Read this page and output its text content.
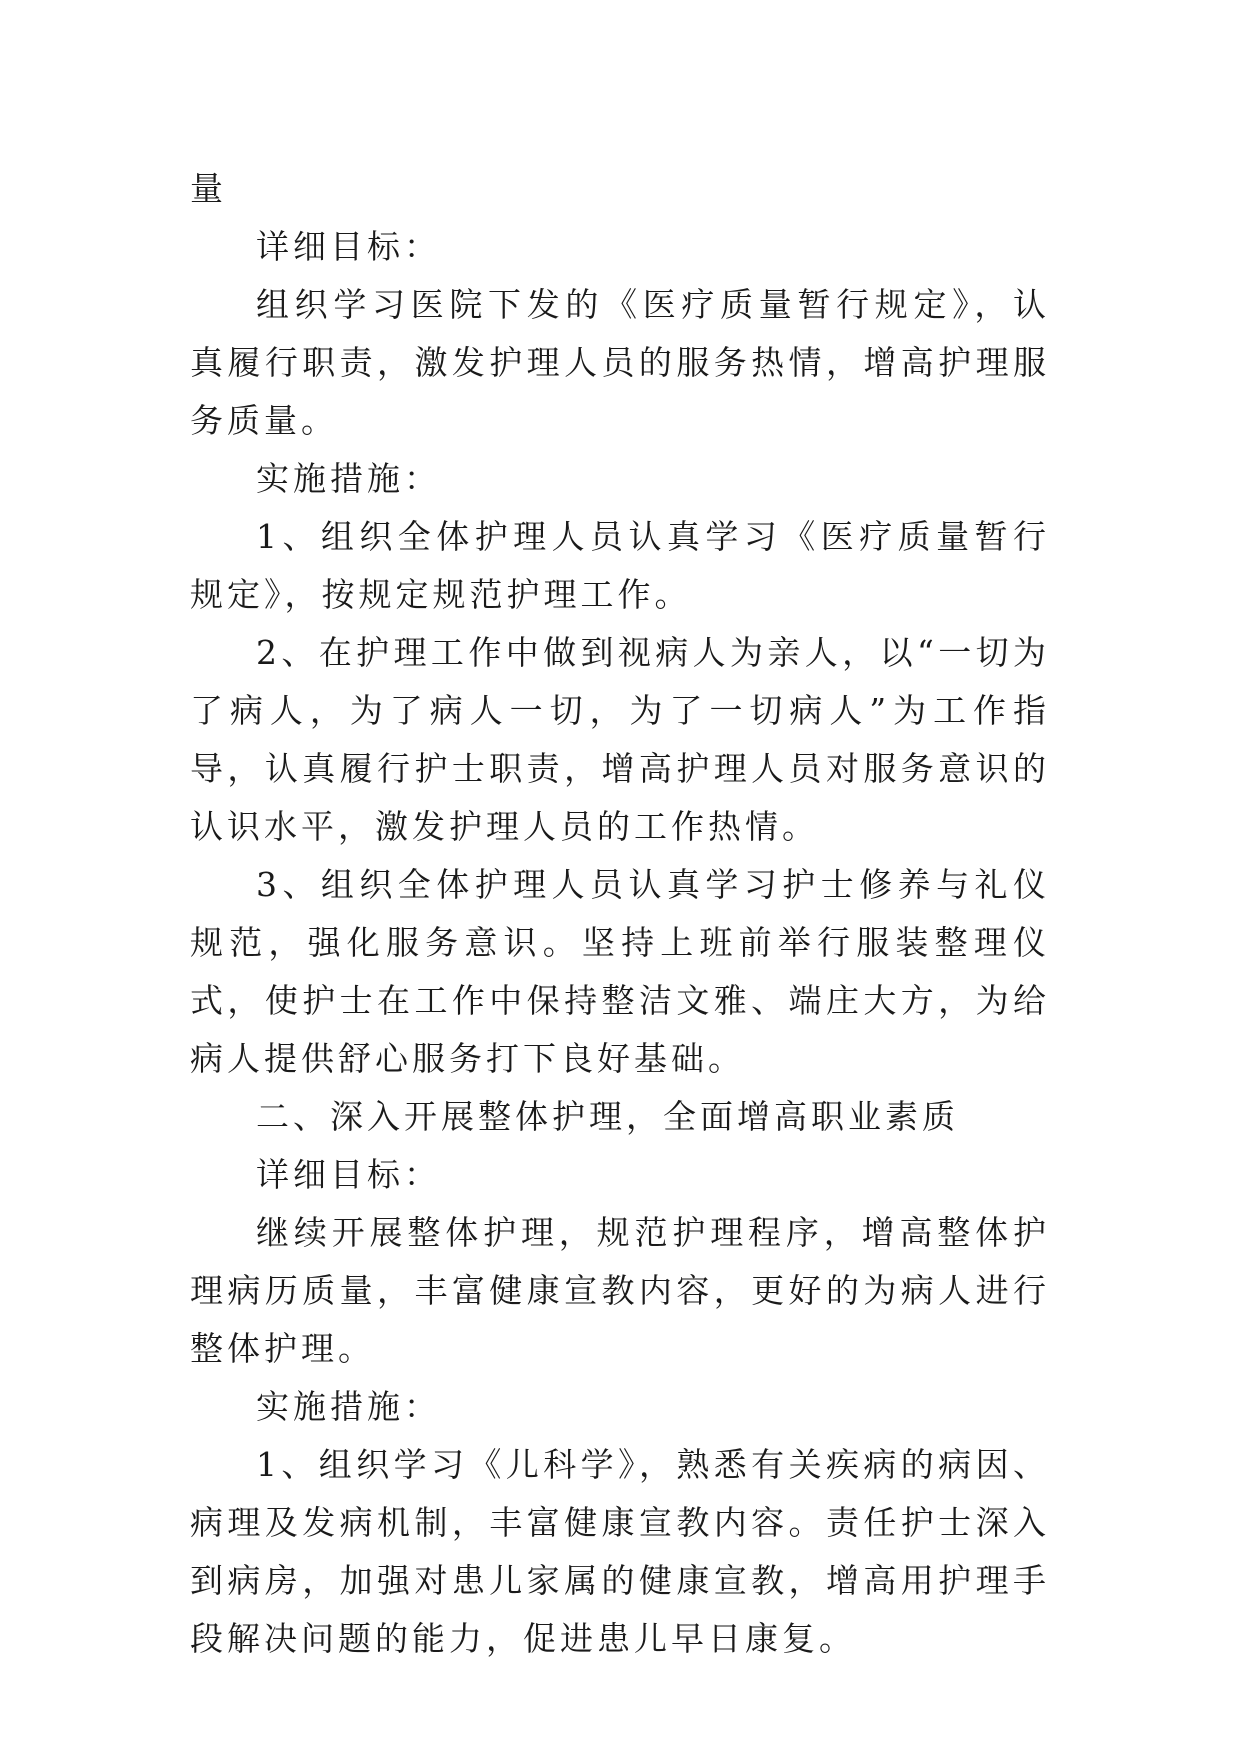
量

详细目标：

组织学习医院下发的《医疗质量暂行规定》，认真履行职责，激发护理人员的服务热情，增高护理服务质量。

实施措施：

1、组织全体护理人员认真学习《医疗质量暂行规定》，按规定规范护理工作。

2、在护理工作中做到视病人为亲人，以“一切为了病人，为了病人一切，为了一切病人”为工作指导，认真履行护士职责，增高护理人员对服务意识的认识水平，激发护理人员的工作热情。

3、组织全体护理人员认真学习护士修养与礼仪规范，强化服务意识。坚持上班前举行服装整理仪式，使护士在工作中保持整洁文雅、端庄大方，为给病人提供舒心服务打下良好基础。

二、深入开展整体护理，全面增高职业素质

详细目标：

继续开展整体护理，规范护理程序，增高整体护理病历质量，丰富健康宣教内容，更好的为病人进行整体护理。

实施措施：

1、组织学习《儿科学》，熟悉有关疾病的病因、病理及发病机制，丰富健康宣教内容。责任护士深入到病房，加强对患儿家属的健康宣教，增高用护理手段解决问题的能力，促进患儿早日康复。
